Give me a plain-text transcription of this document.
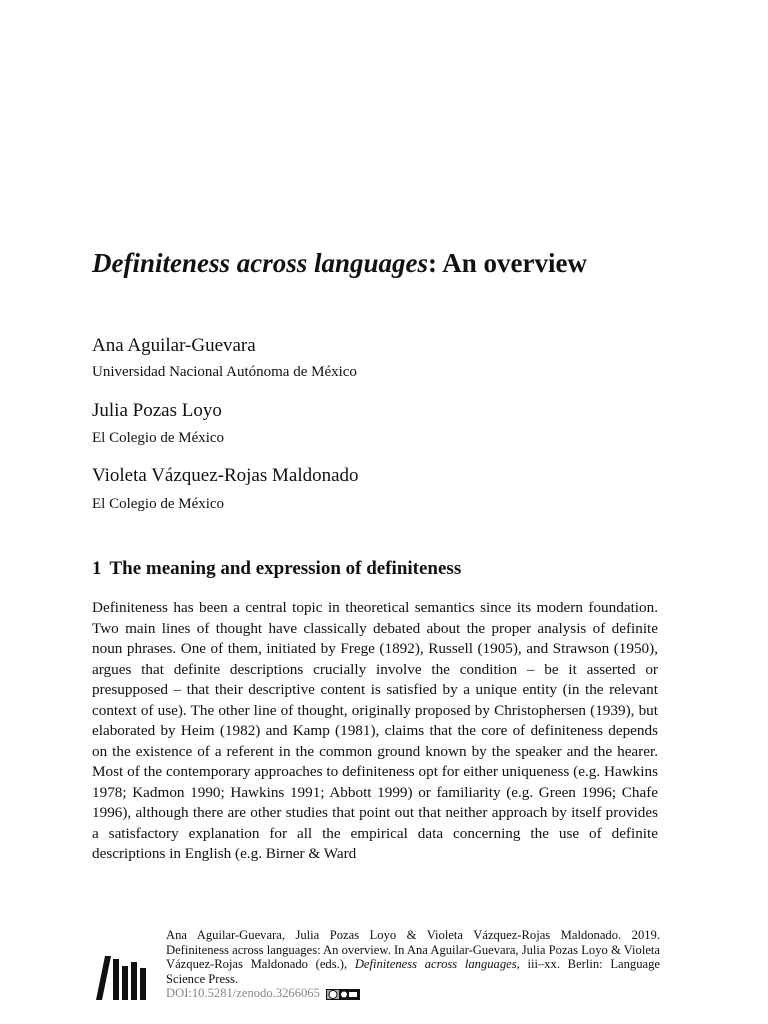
Definiteness across languages: An overview
Ana Aguilar-Guevara
Universidad Nacional Autónoma de México
Julia Pozas Loyo
El Colegio de México
Violeta Vázquez-Rojas Maldonado
El Colegio de México
1 The meaning and expression of definiteness

Definiteness has been a central topic in theoretical semantics since its modern foundation. Two main lines of thought have classically debated about the proper analysis of definite noun phrases. One of them, initiated by Frege (1892), Russell (1905), and Strawson (1950), argues that definite descriptions crucially involve the condition – be it asserted or presupposed – that their descriptive content is satisfied by a unique entity (in the relevant context of use). The other line of thought, originally proposed by Christophersen (1939), but elaborated by Heim (1982) and Kamp (1981), claims that the core of definiteness depends on the existence of a referent in the common ground known by the speaker and the hearer. Most of the contemporary approaches to definiteness opt for either uniqueness (e.g. Hawkins 1978; Kadmon 1990; Hawkins 1991; Abbott 1999) or familiarity (e.g. Green 1996; Chafe 1996), although there are other studies that point out that neither approach by itself provides a satisfactory explanation for all the empirical data concerning the use of definite descriptions in English (e.g. Birner & Ward

Ana Aguilar-Guevara, Julia Pozas Loyo & Violeta Vázquez-Rojas Maldonado. 2019. Definiteness across languages: An overview. In Ana Aguilar-Guevara, Julia Pozas Loyo & Violeta Vázquez-Rojas Maldonado (eds.), Definiteness across languages, iii–xx. Berlin: Language Science Press.
DOI:10.5281/zenodo.3266065
